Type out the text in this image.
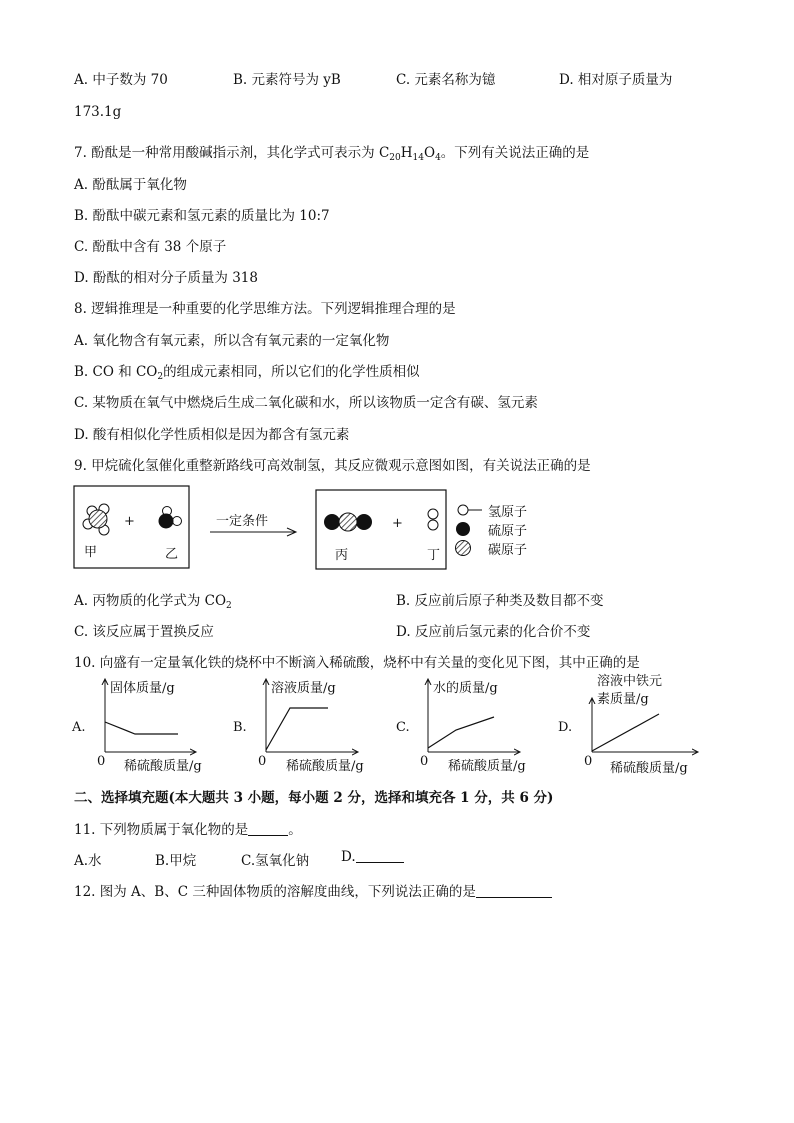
A. 中子数为 70	B. 元素符号为 yB	C. 元素名称为镱	D. 相对原子质量为
173.1g
7. 酚酞是一种常用酸碱指示剂，其化学式可表示为 $C_{20}H_{14}O_4$。下列有关说法正确的是
A. 酚酞属于氧化物
B. 酚酞中碳元素和氢元素的质量比为 10:7
C. 酚酞中含有 38 个原子
D. 酚酞的相对分子质量为 318
8. 逻辑推理是一种重要的化学思维方法。下列逻辑推理合理的是
A. 氧化物含有氧元素，所以含有氧元素的一定氧化物
B. CO 和 $CO_2$的组成元素相同，所以它们的化学性质相似
C. 某物质在氧气中燃烧后生成二氧化碳和水，所以该物质一定含有碳、氢元素
D. 酸有相似化学性质相似是因为都含有氢元素
9. 甲烷硫化氢催化重整新路线可高效制氢，其反应微观示意图如图，有关说法正确的是
+
甲	乙
一定条件	+
丙	丁
氢原子
硫原子
碳原子
A. 丙物质的化学式为 $CO_2$	B. 反应前后原子种类及数目都不变
C. 该反应属于置换反应	D. 反应前后氢元素的化合价不变
10. 向盛有一定量氧化铁的烧杯中不断滴入稀硫酸，烧杯中有关量的变化见下图，其中正确的是
A.
固体质量/g
0 稀硫酸质量/g
B.
溶液质量/g
0 稀硫酸质量/g
C.
水的质量/g
0 稀硫酸质量/g
D.
溶液中铁元
素质量/g
0 稀硫酸质量/g
二、选择填充题(本大题共 3 小题，每小题 2 分，选择和填充各 1 分，共 6 分)
11. 下列物质属于氧化物的是	。
A.水	B.甲烷	C.氢氧化钠 D.
12. 图为 A、B、C 三种固体物质的溶解度曲线，下列说法正确的是
